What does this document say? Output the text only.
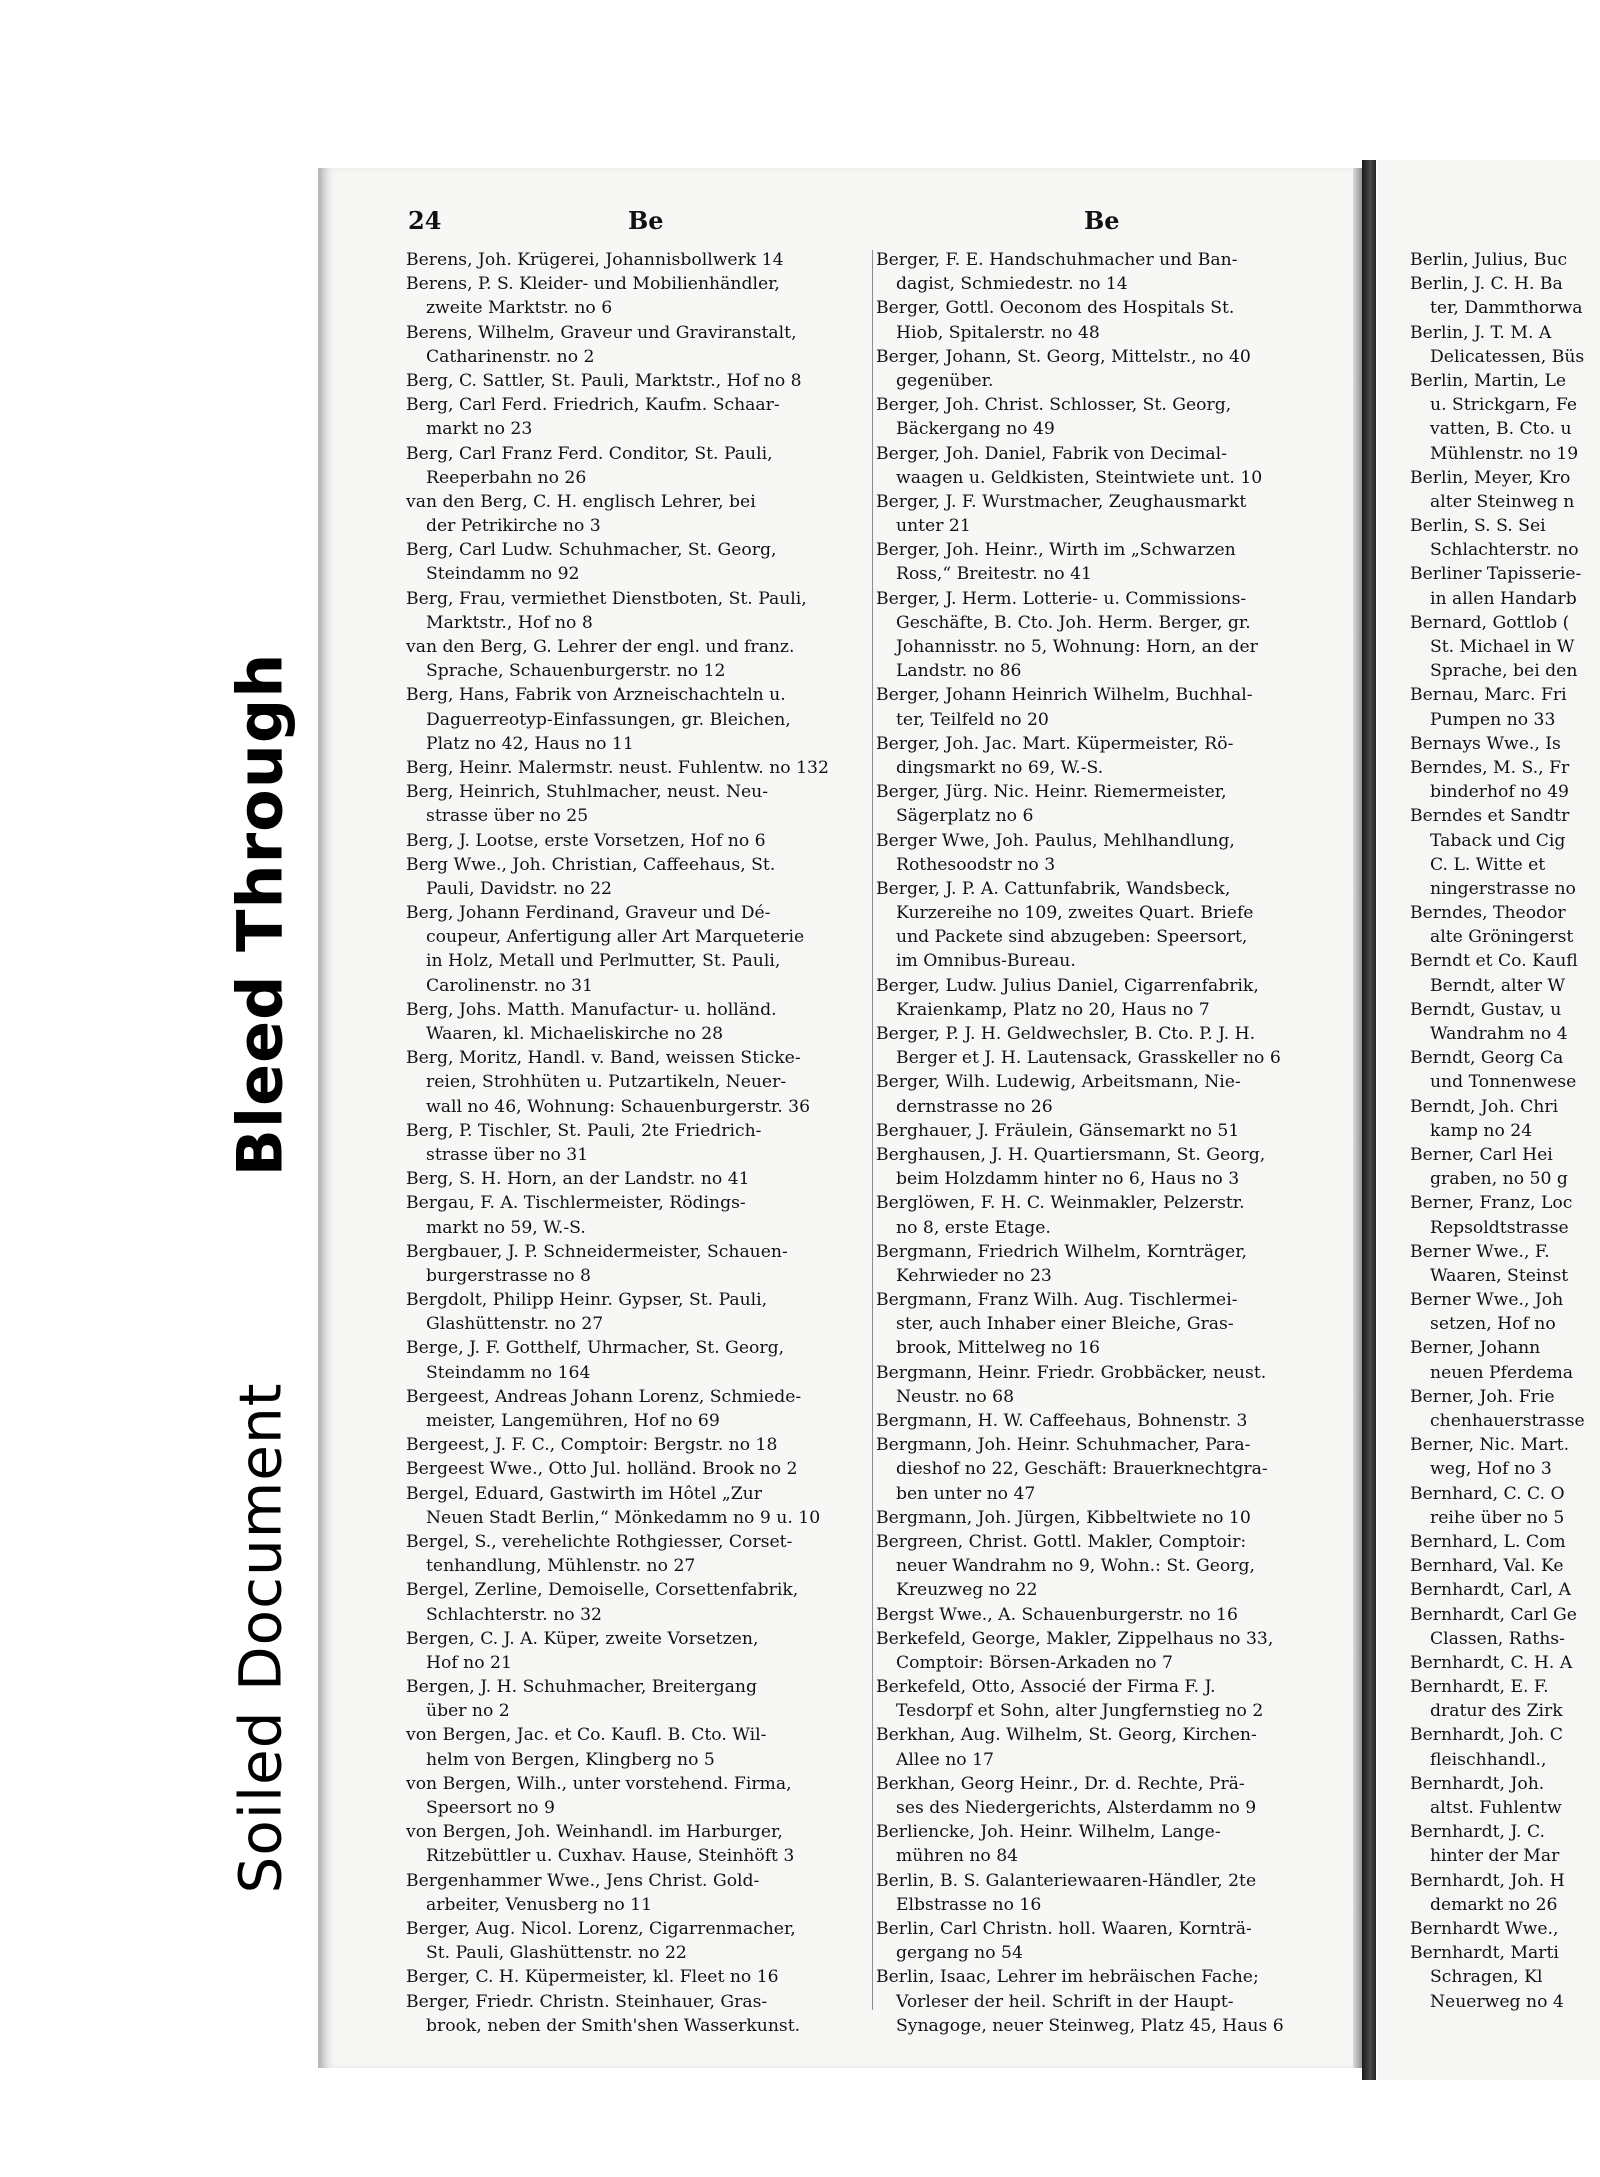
Bleed Through
Soiled Document
24	Be	Be
Berens, Joh. Krügerei, Johannisbollwerk 14
Berens, P. S. Kleider- und Mobilienhändler,
zweite Marktstr. no 6
Berens, Wilhelm, Graveur und Graviranstalt,
Catharinenstr. no 2
Berg, C. Sattler, St. Pauli, Marktstr., Hof no 8
Berg, Carl Ferd. Friedrich, Kaufm. Schaar-
markt no 23
Berg, Carl Franz Ferd. Conditor, St. Pauli,
Reeperbahn no 26
van den Berg, C. H. englisch Lehrer, bei
der Petrikirche no 3
Berg, Carl Ludw. Schuhmacher, St. Georg,
Steindamm no 92
Berg, Frau, vermiethet Dienstboten, St. Pauli,
Marktstr., Hof no 8
van den Berg, G. Lehrer der engl. und franz.
Sprache, Schauenburgerstr. no 12
Berg, Hans, Fabrik von Arzneischachteln u.
Daguerreotyp-Einfassungen, gr. Bleichen,
Platz no 42, Haus no 11
Berg, Heinr. Malermstr. neust. Fuhlentw. no 132
Berg, Heinrich, Stuhlmacher, neust. Neu-
strasse über no 25
Berg, J. Lootse, erste Vorsetzen, Hof no 6
Berg Wwe., Joh. Christian, Caffeehaus, St.
Pauli, Davidstr. no 22
Berg, Johann Ferdinand, Graveur und Dé-
coupeur, Anfertigung aller Art Marqueterie
in Holz, Metall und Perlmutter, St. Pauli,
Carolinenstr. no 31
Berg, Johs. Matth. Manufactur- u. holländ.
Waaren, kl. Michaeliskirche no 28
Berg, Moritz, Handl. v. Band, weissen Sticke-
reien, Strohhüten u. Putzartikeln, Neuer-
wall no 46, Wohnung: Schauenburgerstr. 36
Berg, P. Tischler, St. Pauli, 2te Friedrich-
strasse über no 31
Berg, S. H. Horn, an der Landstr. no 41
Bergau, F. A. Tischlermeister, Rödings-
markt no 59, W.-S.
Bergbauer, J. P. Schneidermeister, Schauen-
burgerstrasse no 8
Bergdolt, Philipp Heinr. Gypser, St. Pauli,
Glashüttenstr. no 27
Berge, J. F. Gotthelf, Uhrmacher, St. Georg,
Steindamm no 164
Bergeest, Andreas Johann Lorenz, Schmiede-
meister, Langemühren, Hof no 69
Bergeest, J. F. C., Comptoir: Bergstr. no 18
Bergeest Wwe., Otto Jul. holländ. Brook no 2
Bergel, Eduard, Gastwirth im Hôtel „Zur
Neuen Stadt Berlin,“ Mönkedamm no 9 u. 10
Bergel, S., verehelichte Rothgiesser, Corset-
tenhandlung, Mühlenstr. no 27
Bergel, Zerline, Demoiselle, Corsettenfabrik,
Schlachterstr. no 32
Bergen, C. J. A. Küper, zweite Vorsetzen,
Hof no 21
Bergen, J. H. Schuhmacher, Breitergang
über no 2
von Bergen, Jac. et Co. Kaufl. B. Cto. Wil-
helm von Bergen, Klingberg no 5
von Bergen, Wilh., unter vorstehend. Firma,
Speersort no 9
von Bergen, Joh. Weinhandl. im Harburger,
Ritzebüttler u. Cuxhav. Hause, Steinhöft 3
Bergenhammer Wwe., Jens Christ. Gold-
arbeiter, Venusberg no 11
Berger, Aug. Nicol. Lorenz, Cigarrenmacher,
St. Pauli, Glashüttenstr. no 22
Berger, C. H. Küpermeister, kl. Fleet no 16
Berger, Friedr. Christn. Steinhauer, Gras-
brook, neben der Smith'shen Wasserkunst.
Berger, F. E. Handschuhmacher und Ban-
dagist, Schmiedestr. no 14
Berger, Gottl. Oeconom des Hospitals St.
Hiob, Spitalerstr. no 48
Berger, Johann, St. Georg, Mittelstr., no 40
gegenüber.
Berger, Joh. Christ. Schlosser, St. Georg,
Bäckergang no 49
Berger, Joh. Daniel, Fabrik von Decimal-
waagen u. Geldkisten, Steintwiete unt. 10
Berger, J. F. Wurstmacher, Zeughausmarkt
unter 21
Berger, Joh. Heinr., Wirth im „Schwarzen
Ross,“ Breitestr. no 41
Berger, J. Herm. Lotterie- u. Commissions-
Geschäfte, B. Cto. Joh. Herm. Berger, gr.
Johannisstr. no 5, Wohnung: Horn, an der
Landstr. no 86
Berger, Johann Heinrich Wilhelm, Buchhal-
ter, Teilfeld no 20
Berger, Joh. Jac. Mart. Küpermeister, Rö-
dingsmarkt no 69, W.-S.
Berger, Jürg. Nic. Heinr. Riemermeister,
Sägerplatz no 6
Berger Wwe, Joh. Paulus, Mehlhandlung,
Rothesoodstr no 3
Berger, J. P. A. Cattunfabrik, Wandsbeck,
Kurzereihe no 109, zweites Quart. Briefe
und Packete sind abzugeben: Speersort,
im Omnibus-Bureau.
Berger, Ludw. Julius Daniel, Cigarrenfabrik,
Kraienkamp, Platz no 20, Haus no 7
Berger, P. J. H. Geldwechsler, B. Cto. P. J. H.
Berger et J. H. Lautensack, Grasskeller no 6
Berger, Wilh. Ludewig, Arbeitsmann, Nie-
dernstrasse no 26
Berghauer, J. Fräulein, Gänsemarkt no 51
Berghausen, J. H. Quartiersmann, St. Georg,
beim Holzdamm hinter no 6, Haus no 3
Berglöwen, F. H. C. Weinmakler, Pelzerstr.
no 8, erste Etage.
Bergmann, Friedrich Wilhelm, Kornträger,
Kehrwieder no 23
Bergmann, Franz Wilh. Aug. Tischlermei-
ster, auch Inhaber einer Bleiche, Gras-
brook, Mittelweg no 16
Bergmann, Heinr. Friedr. Grobbäcker, neust.
Neustr. no 68
Bergmann, H. W. Caffeehaus, Bohnenstr. 3
Bergmann, Joh. Heinr. Schuhmacher, Para-
dieshof no 22, Geschäft: Brauerknechtgra-
ben unter no 47
Bergmann, Joh. Jürgen, Kibbeltwiete no 10
Bergreen, Christ. Gottl. Makler, Comptoir:
neuer Wandrahm no 9, Wohn.: St. Georg,
Kreuzweg no 22
Bergst Wwe., A. Schauenburgerstr. no 16
Berkefeld, George, Makler, Zippelhaus no 33,
Comptoir: Börsen-Arkaden no 7
Berkefeld, Otto, Associé der Firma F. J.
Tesdorpf et Sohn, alter Jungfernstieg no 2
Berkhan, Aug. Wilhelm, St. Georg, Kirchen-
Allee no 17
Berkhan, Georg Heinr., Dr. d. Rechte, Prä-
ses des Niedergerichts, Alsterdamm no 9
Berliencke, Joh. Heinr. Wilhelm, Lange-
mühren no 84
Berlin, B. S. Galanteriewaaren-Händler, 2te
Elbstrasse no 16
Berlin, Carl Christn. holl. Waaren, Kornträ-
gergang no 54
Berlin, Isaac, Lehrer im hebräischen Fache;
Vorleser der heil. Schrift in der Haupt-
Synagoge, neuer Steinweg, Platz 45, Haus 6
Berlin, Julius, Buc
Berlin, J. C. H. Ba
ter, Dammthorwa
Berlin, J. T. M. A
Delicatessen, Büs
Berlin, Martin, Le
u. Strickgarn, Fe
vatten, B. Cto. u
Mühlenstr. no 19
Berlin, Meyer, Kro
alter Steinweg n
Berlin, S. S. Sei
Schlachterstr. no
Berliner Tapisserie-
in allen Handarb
Bernard, Gottlob (
St. Michael in W
Sprache, bei den
Bernau, Marc. Fri
Pumpen no 33
Bernays Wwe., Is
Berndes, M. S., Fr
binderhof no 49
Berndes et Sandtr
Taback und Cig
C. L. Witte et
ningerstrasse no
Berndes, Theodor
alte Gröningerst
Berndt et Co. Kaufl
Berndt, alter W
Berndt, Gustav, u
Wandrahm no 4
Berndt, Georg Ca
und Tonnenwese
Berndt, Joh. Chri
kamp no 24
Berner, Carl Hei
graben, no 50 g
Berner, Franz, Loc
Repsoldtstrasse
Berner Wwe., F.
Waaren, Steinst
Berner Wwe., Joh
setzen, Hof no
Berner, Johann
neuen Pferdema
Berner, Joh. Frie
chenhauerstrasse
Berner, Nic. Mart.
weg, Hof no 3
Bernhard, C. C. O
reihe über no 5
Bernhard, L. Com
Bernhard, Val. Ke
Bernhardt, Carl, A
Bernhardt, Carl Ge
Classen, Raths-
Bernhardt, C. H. A
Bernhardt, E. F.
dratur des Zirk
Bernhardt, Joh. C
fleischhandl.,
Bernhardt, Joh.
altst. Fuhlentw
Bernhardt, J. C.
hinter der Mar
Bernhardt, Joh. H
demarkt no 26
Bernhardt Wwe.,
Bernhardt, Marti
Schragen, Kl
Neuerweg no 4
